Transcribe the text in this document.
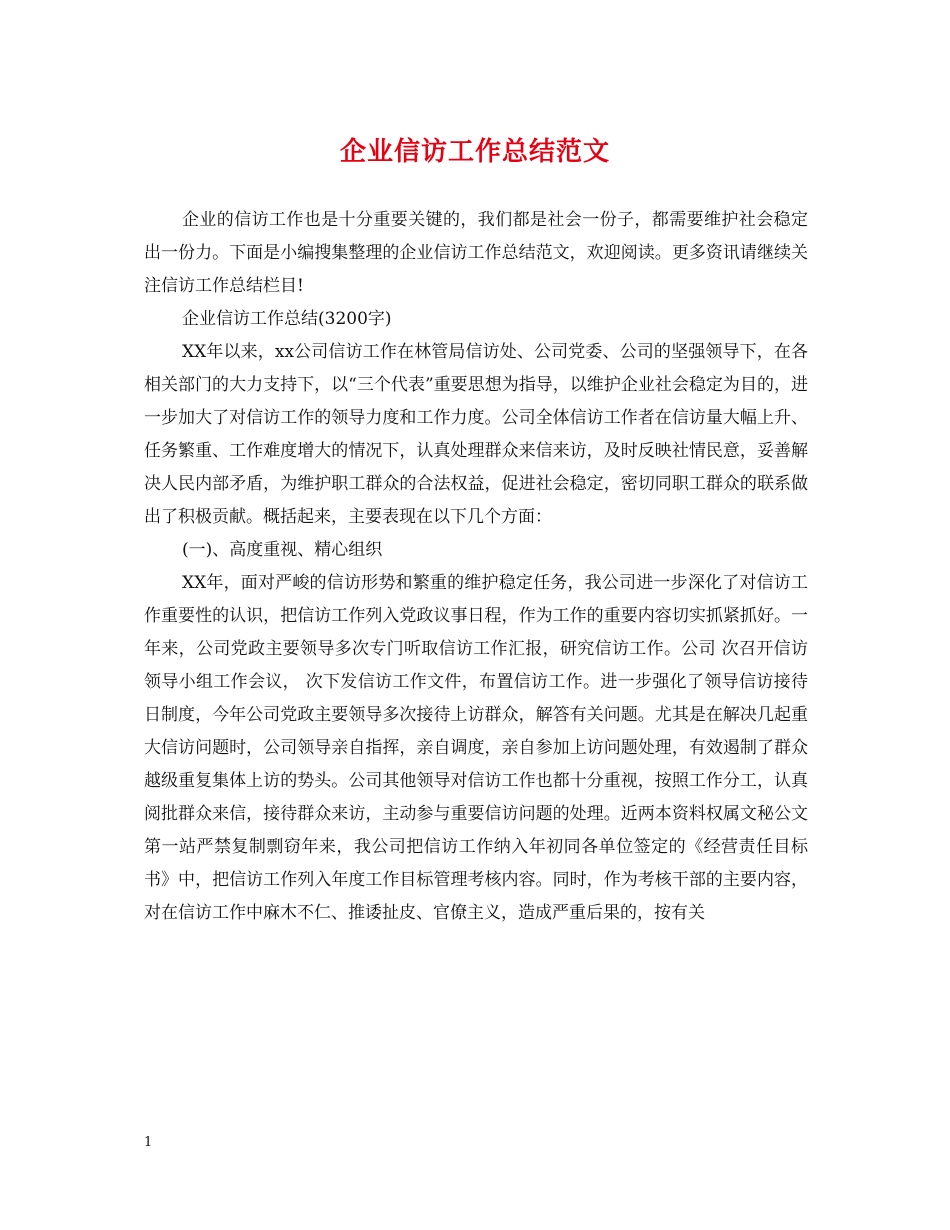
企业信访工作总结范文

企业的信访工作也是十分重要关键的，我们都是社会一份子，都需要维护社会稳定出一份力。下面是小编搜集整理的企业信访工作总结范文，欢迎阅读。更多资讯请继续关注信访工作总结栏目!

企业信访工作总结(3200字)

XX年以来，xx公司信访工作在林管局信访处、公司党委、公司的坚强领导下，在各相关部门的大力支持下，以“三个代表”重要思想为指导，以维护企业社会稳定为目的，进一步加大了对信访工作的领导力度和工作力度。公司全体信访工作者在信访量大幅上升、任务繁重、工作难度增大的情况下，认真处理群众来信来访，及时反映社情民意，妥善解决人民内部矛盾，为维护职工群众的合法权益，促进社会稳定，密切同职工群众的联系做出了积极贡献。概括起来，主要表现在以下几个方面：

(一)、高度重视、精心组织

XX年，面对严峻的信访形势和繁重的维护稳定任务，我公司进一步深化了对信访工作重要性的认识，把信访工作列入党政议事日程，作为工作的重要内容切实抓紧抓好。一年来，公司党政主要领导多次专门听取信访工作汇报，研究信访工作。公司 次召开信访领导小组工作会议， 次下发信访工作文件，布置信访工作。进一步强化了领导信访接待日制度，今年公司党政主要领导多次接待上访群众，解答有关问题。尤其是在解决几起重大信访问题时，公司领导亲自指挥，亲自调度，亲自参加上访问题处理，有效遏制了群众越级重复集体上访的势头。公司其他领导对信访工作也都十分重视，按照工作分工，认真阅批群众来信，接待群众来访，主动参与重要信访问题的处理。近两本资料权属文秘公文第一站严禁复制剽窃年来，我公司把信访工作纳入年初同各单位签定的《经营责任目标书》中，把信访工作列入年度工作目标管理考核内容。同时，作为考核干部的主要内容，对在信访工作中麻木不仁、推诿扯皮、官僚主义，造成严重后果的，按有关

1
